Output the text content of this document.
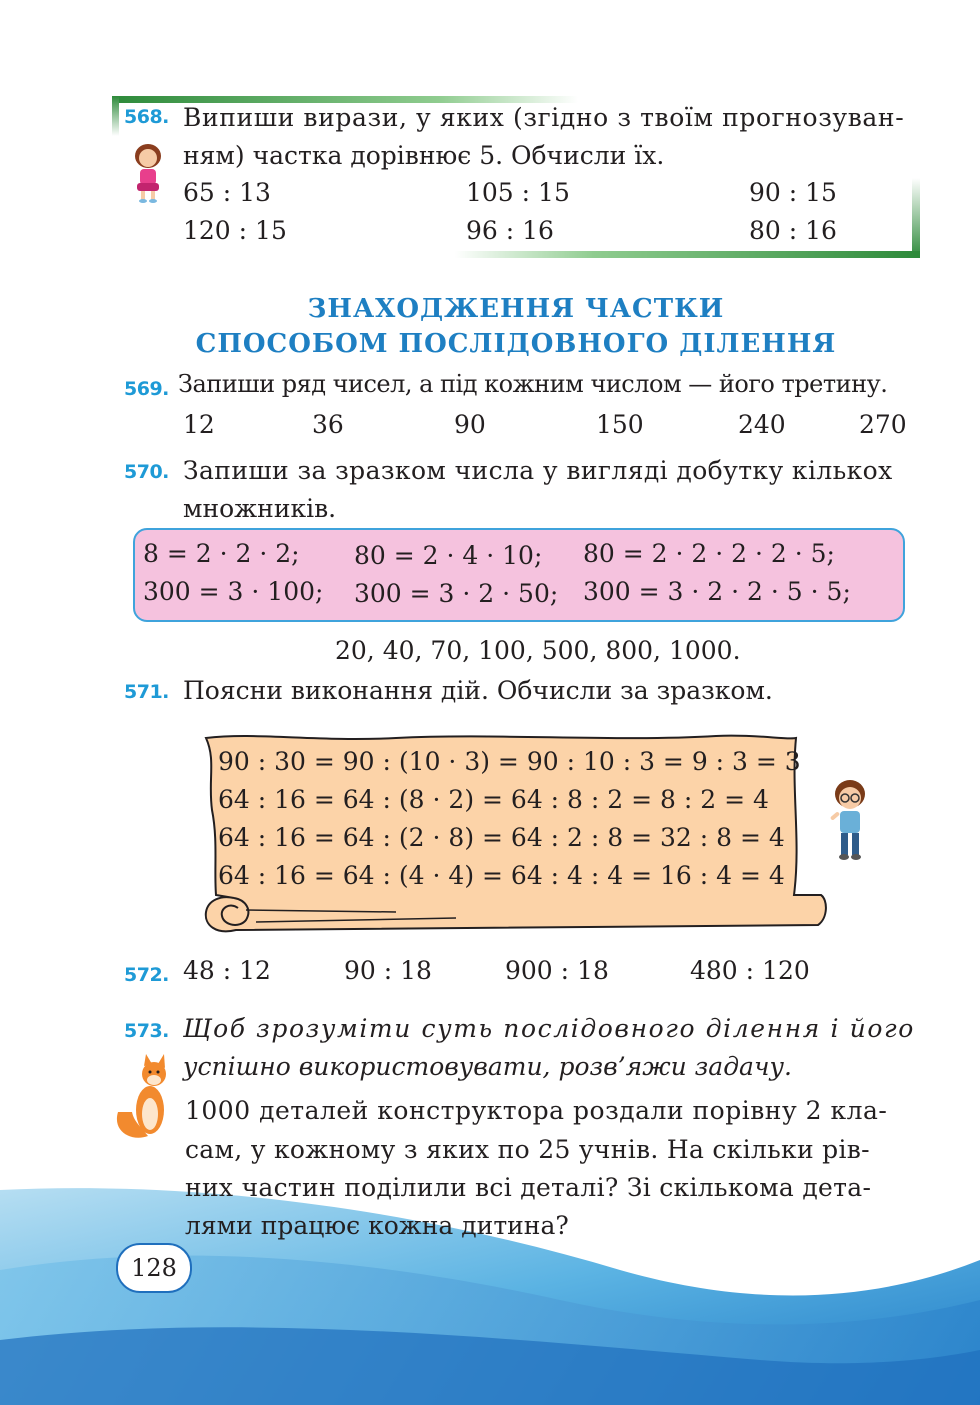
568. Випиши вирази, у яких (згідно з твоїм прогнозуван-
ням) частка дорівнює 5. Обчисли їх.
65 : 13	105 : 15	90 : 15
120 : 15	96 : 16	80 : 16
ЗНАХОДЖЕННЯ ЧАСТКИ
СПОСОБОМ ПОСЛІДОВНОГО ДІЛЕННЯ
569. Запиши ряд чисел, а під кожним числом — його третину.
12	36	90	150	240	270
570. Запиши за зразком числа у вигляді добутку кількох
множників.
8 = 2 · 2 · 2; 80 = 2 · 4 · 10; 80 = 2 · 2 · 2 · 2 · 5;
300 = 3 · 100; 300 = 3 · 2 · 50; 300 = 3 · 2 · 2 · 5 · 5;
20, 40, 70, 100, 500, 800, 1000.
571. Поясни виконання дій. Обчисли за зразком.
90 : 30 = 90 : (10 · 3) = 90 : 10 : 3 = 9 : 3 = 3
64 : 16 = 64 : (8 · 2) = 64 : 8 : 2 = 8 : 2 = 4
64 : 16 = 64 : (2 · 8) = 64 : 2 : 8 = 32 : 8 = 4
64 : 16 = 64 : (4 · 4) = 64 : 4 : 4 = 16 : 4 = 4
572. 48 : 12	90 : 18	900 : 18	480 : 120
573. Щоб зрозуміти суть послідовного ділення і його
успішно використовувати, розв’яжи задачу.
1000 деталей конструктора роздали порівну 2 кла-
сам, у кожному з яких по 25 учнів. На скільки рів-
них частин поділили всі деталі? Зі скількома дета-
лями працює кожна дитина?
128
